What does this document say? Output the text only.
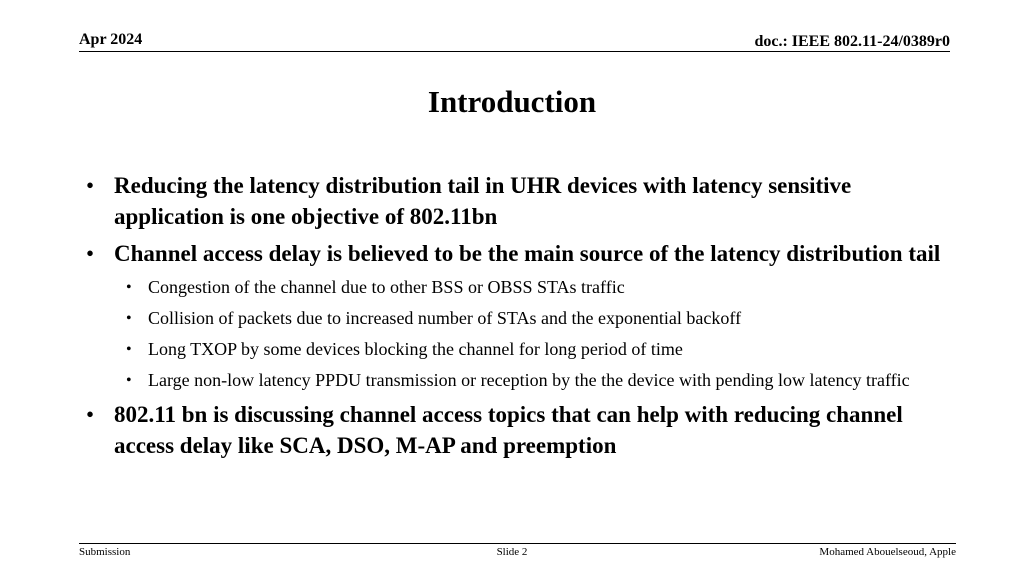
Apr 2024	doc.: IEEE 802.11-24/0389r0
Introduction
• Reducing the latency distribution tail in UHR devices with latency sensitive application is one objective of 802.11bn
• Channel access delay is believed to be the main source of the latency distribution tail
• Congestion of the channel due to other BSS or OBSS STAs traffic
• Collision of packets due to increased number of STAs and the exponential backoff
• Long TXOP by some devices blocking the channel for long period of time
• Large non-low latency PPDU transmission or reception by the the device with pending low latency traffic
• 802.11 bn is discussing channel access topics that can help with reducing channel access delay like SCA, DSO, M-AP and preemption
Submission	Slide 2	Mohamed Abouelseoud, Apple
